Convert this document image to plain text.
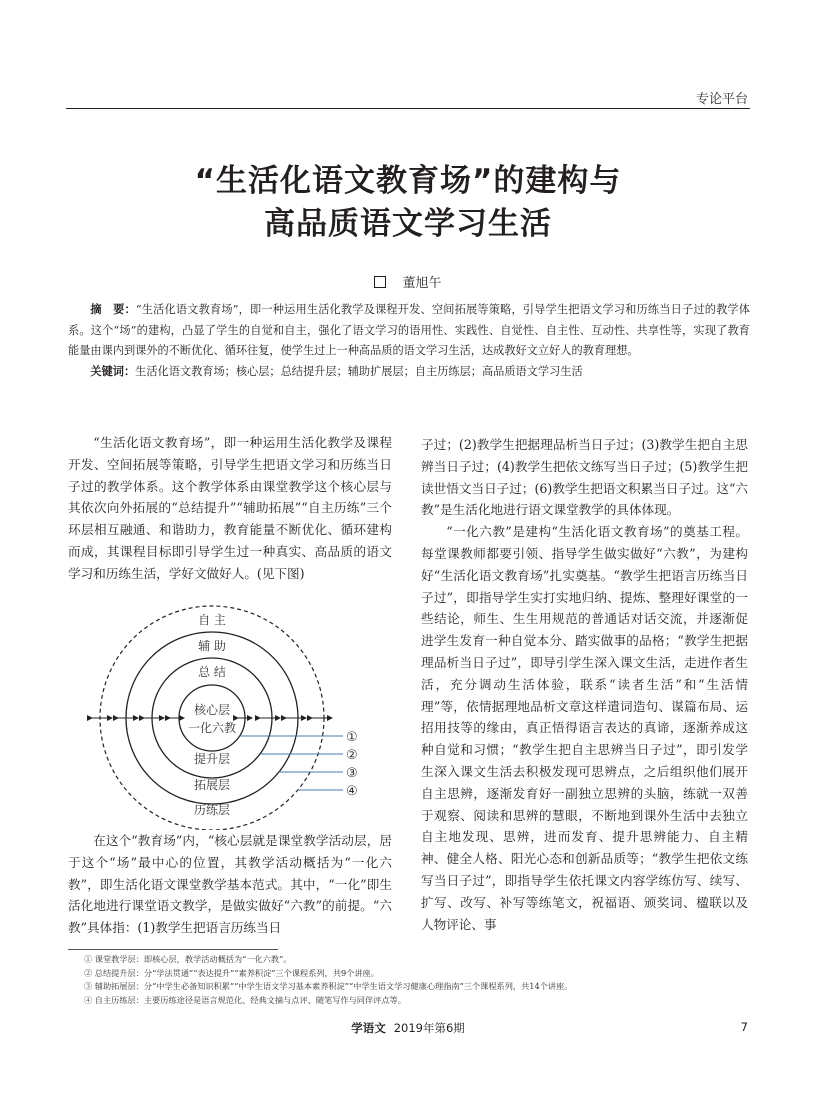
专论平台
“生活化语文教育场”的建构与
高品质语文学习生活
董旭午

摘　要：“生活化语文教育场”，即一种运用生活化教学及课程开发、空间拓展等策略，引导学生把语文学习和历练当日子过的教学体系。这个“场”的建构，凸显了学生的自觉和自主，强化了语文学习的语用性、实践性、自觉性、自主性、互动性、共享性等，实现了教育能量由课内到课外的不断优化、循环往复，使学生过上一种高品质的语文学习生活，达成教好文立好人的教育理想。

关键词：生活化语文教育场；核心层；总结提升层；辅助扩展层；自主历练层；高品质语文学习生活

“生活化语文教育场”，即一种运用生活化教学及课程开发、空间拓展等策略，引导学生把语文学习和历练当日子过的教学体系。这个教学体系由课堂教学这个核心层与其依次向外拓展的“总结提升”“辅助拓展”“自主历练”三个环层相互融通、和谐助力，教育能量不断优化、循环建构而成，其课程目标即引导学生过一种真实、高品质的语文学习和历练生活，学好文做好人。(见下图)

自 主
辅 助
总 结
核心层
一化六教
提升层
拓展层
历练层
①
②
③
④

在这个“教育场”内，“核心层就是课堂教学活动层，居于这个“场”最中心的位置，其教学活动概括为“一化六教”，即生活化语文课堂教学基本范式。其中，“一化”即生活化地进行课堂语文教学，是做实做好“六教”的前提。“六教”具体指：(1)教学生把语言历练当日

子过；(2)教学生把据理品析当日子过；(3)教学生把自主思辨当日子过；(4)教学生把依文练写当日子过；(5)教学生把读世悟文当日子过；(6)教学生把语文积累当日子过。这“六教”是生活化地进行语文课堂教学的具体体现。

“一化六教”是建构“生活化语文教育场”的奠基工程。每堂课教师都要引领、指导学生做实做好“六教”，为建构好“生活化语文教育场”扎实奠基。“教学生把语言历练当日子过”，即指导学生实打实地归纳、提炼、整理好课堂的一些结论，师生、生生用规范的普通话对话交流，并逐渐促进学生发育一种自觉本分、踏实做事的品格；“教学生把据理品析当日子过”，即导引学生深入课文生活，走进作者生活，充分调动生活体验，联系“读者生活”和“生活情理”等，依情据理地品析文章这样遣词造句、谋篇布局、运招用技等的缘由，真正悟得语言表达的真谛，逐渐养成这种自觉和习惯；“教学生把自主思辨当日子过”，即引发学生深入课文生活去积极发现可思辨点，之后组织他们展开自主思辨，逐渐发育好一副独立思辨的头脑，练就一双善于观察、阅读和思辨的慧眼，不断地到课外生活中去独立自主地发现、思辨，进而发育、提升思辨能力、自主精神、健全人格、阳光心态和创新品质等；“教学生把依文练写当日子过”，即指导学生依托课文内容学练仿写、续写、扩写、改写、补写等练笔文，祝福语、颁奖词、楹联以及人物评论、事

① 课堂教学层：即核心层，教学活动概括为“一化六教”。
② 总结提升层：分“学法贯通”“表达提升”“素养积淀”三个课程系列，共9个讲座。
③ 辅助拓展层：分“中学生必备知识积累”“中学生语文学习基本素养积淀”“中学生语文学习健康心理指南”三个课程系列，共14个讲座。
④ 自主历练层：主要历练途径是语言规范化、经典文摘与点评、随笔写作与同伴评点等。
学语文 2019年第6期	7
